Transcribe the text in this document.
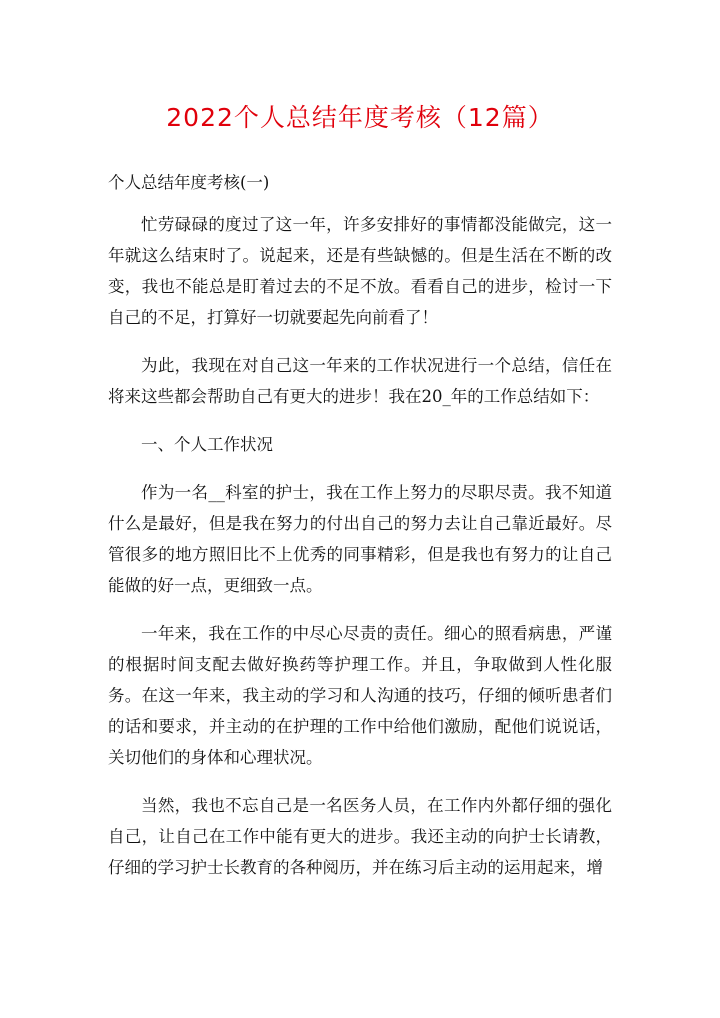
2022个人总结年度考核（12篇）

个人总结年度考核(一)

忙劳碌碌的度过了这一年，许多安排好的事情都没能做完，这一年就这么结束时了。说起来，还是有些缺憾的。但是生活在不断的改变，我也不能总是盯着过去的不足不放。看看自己的进步，检讨一下自己的不足，打算好一切就要起先向前看了！

为此，我现在对自己这一年来的工作状况进行一个总结，信任在将来这些都会帮助自己有更大的进步！我在20_年的工作总结如下：

一、个人工作状况

作为一名__科室的护士，我在工作上努力的尽职尽责。我不知道什么是最好，但是我在努力的付出自己的努力去让自己靠近最好。尽管很多的地方照旧比不上优秀的同事精彩，但是我也有努力的让自己能做的好一点，更细致一点。

一年来，我在工作的中尽心尽责的责任。细心的照看病患，严谨的根据时间支配去做好换药等护理工作。并且，争取做到人性化服务。在这一年来，我主动的学习和人沟通的技巧，仔细的倾听患者们的话和要求，并主动的在护理的工作中给他们激励，配他们说说话，关切他们的身体和心理状况。

当然，我也不忘自己是一名医务人员，在工作内外都仔细的强化自己，让自己在工作中能有更大的进步。我还主动的向护士长请教，仔细的学习护士长教育的各种阅历，并在练习后主动的运用起来，增
